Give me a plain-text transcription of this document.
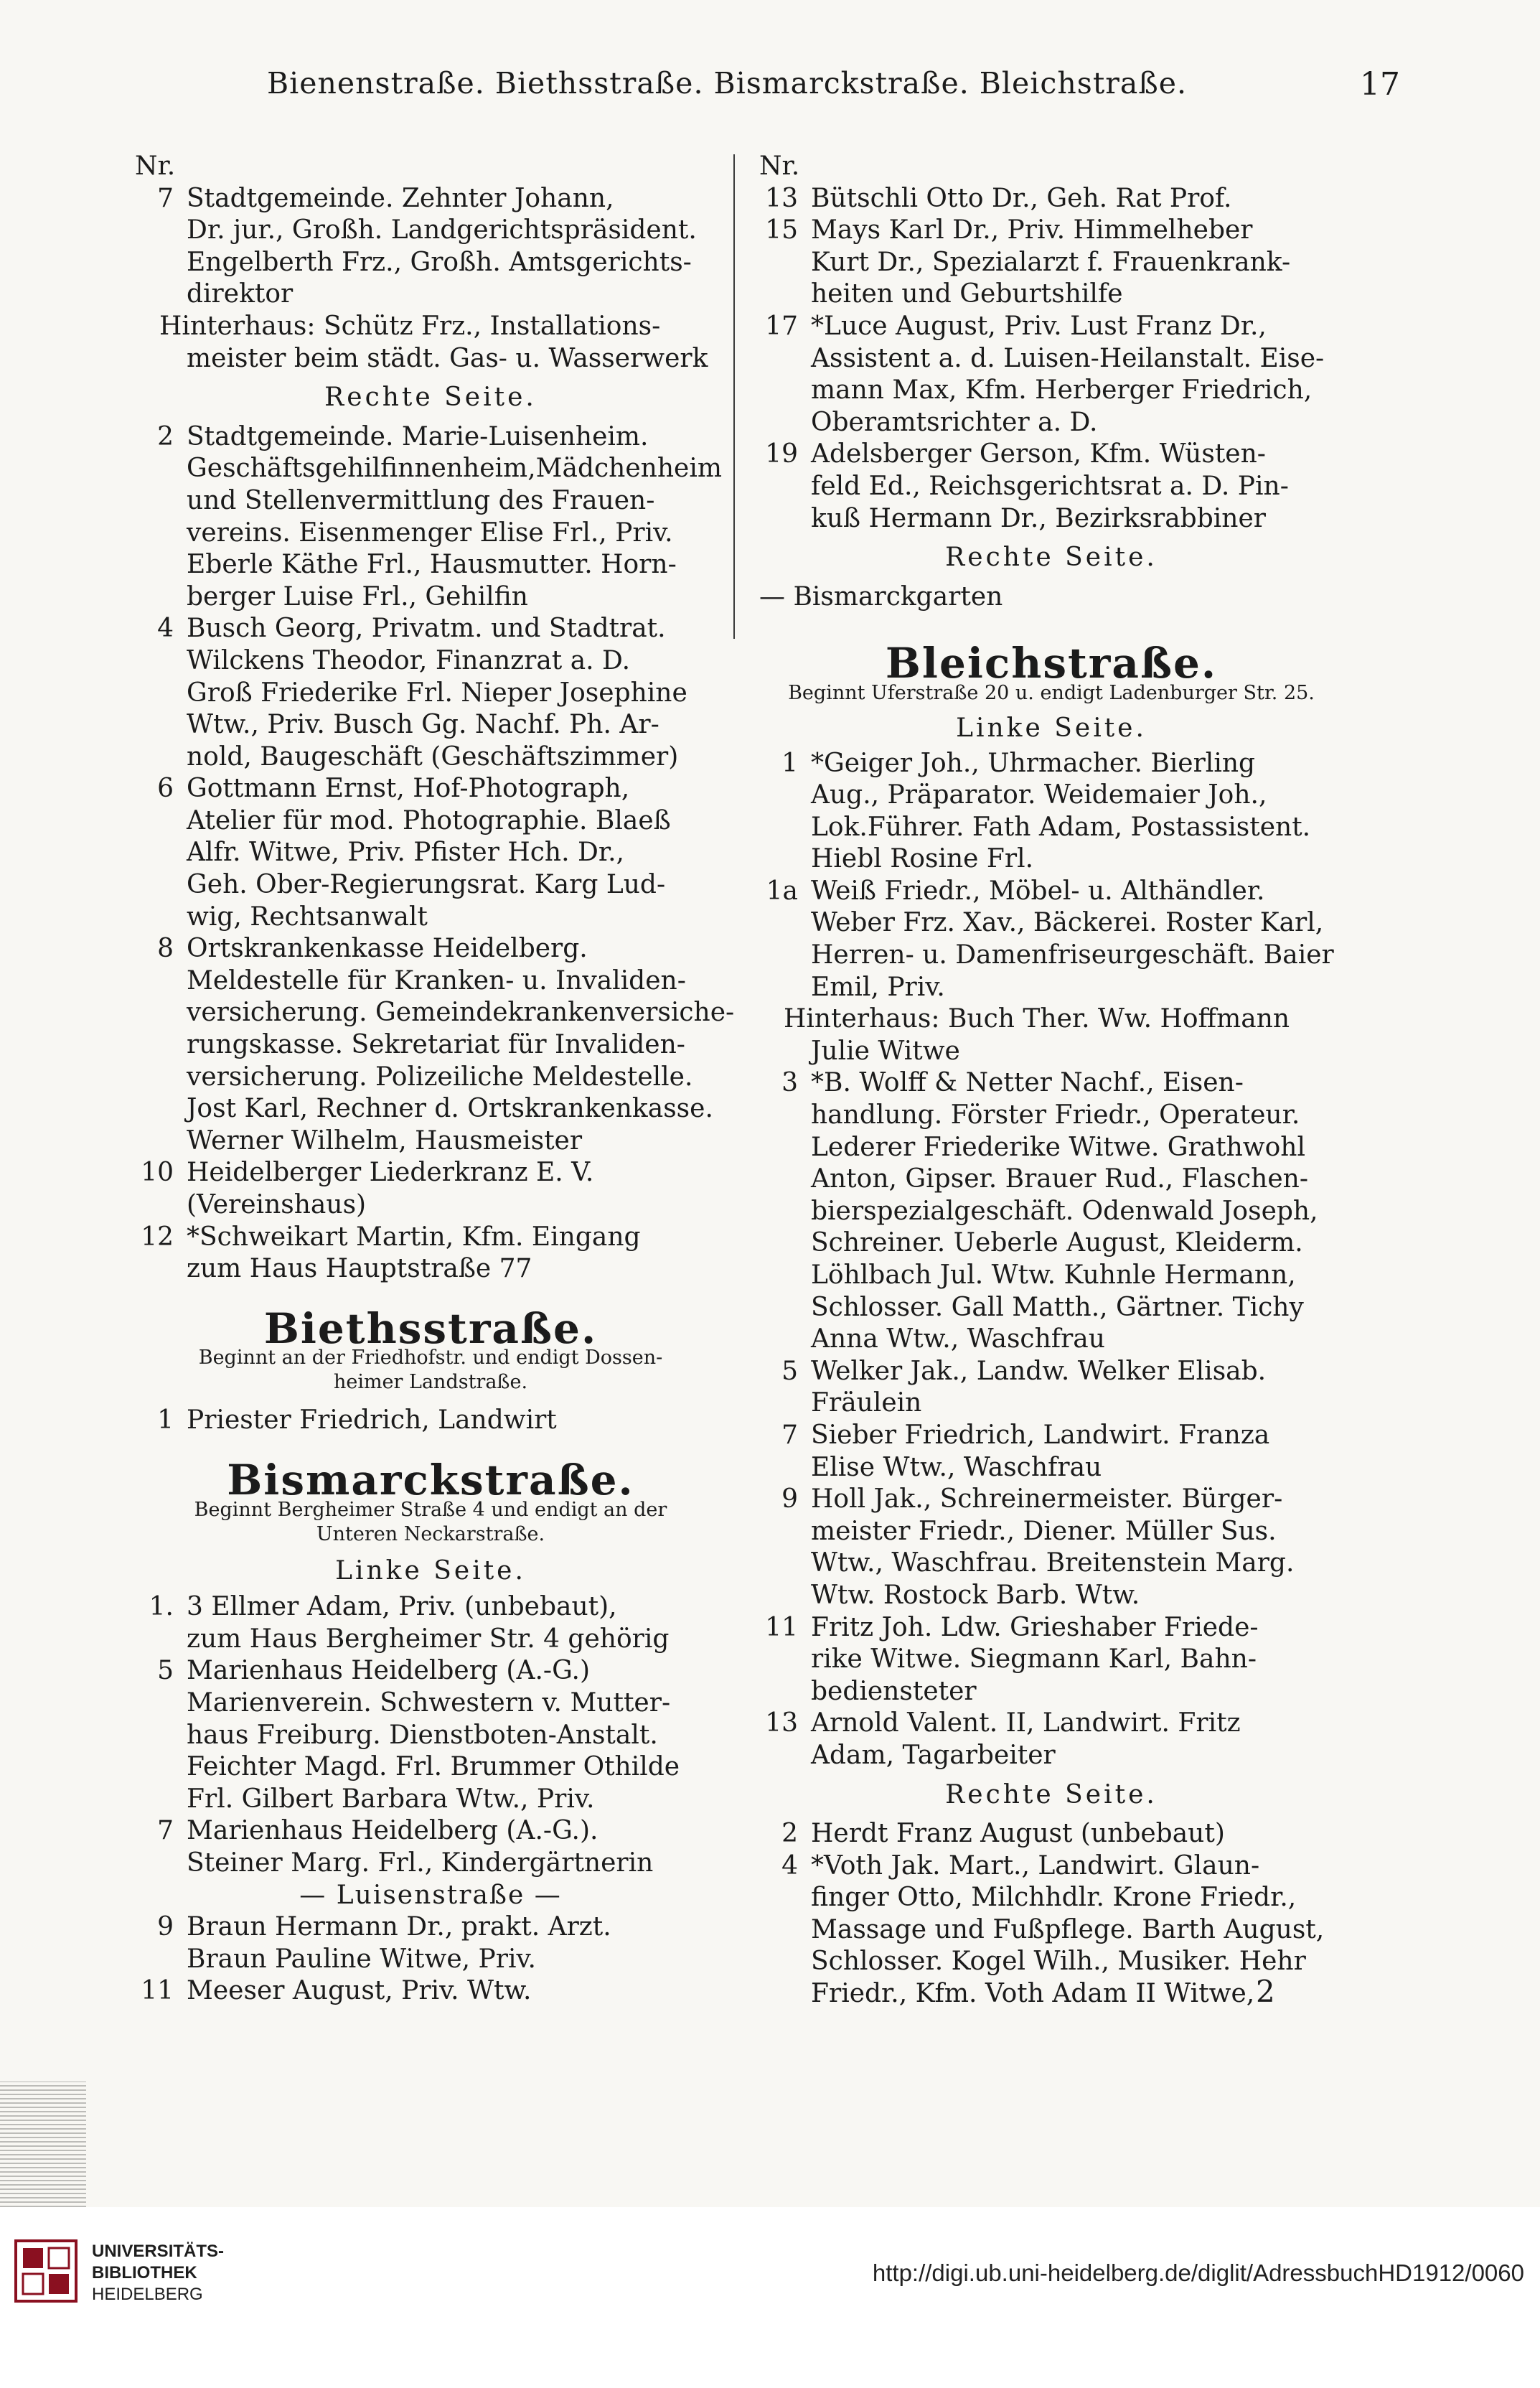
Bienenstraße. Biethsstraße. Bismarckstraße. Bleichstraße.	17
Nr.
7 Stadtgemeinde. Zehnter Johann,
Dr. jur., Großh. Landgerichtspräsident.
Engelberth Frz., Großh. Amtsgerichts-
direktor
Hinterhaus: Schütz Frz., Installations-
meister beim städt. Gas- u. Wasserwerk
Rechte Seite.
2 Stadtgemeinde. Marie-Luisenheim.
Geschäftsgehilfinnenheim,Mädchenheim
und Stellenvermittlung des Frauen-
vereins. Eisenmenger Elise Frl., Priv.
Eberle Käthe Frl., Hausmutter. Horn-
berger Luise Frl., Gehilfin
4 Busch Georg, Privatm. und Stadtrat.
Wilckens Theodor, Finanzrat a. D.
Groß Friederike Frl. Nieper Josephine
Wtw., Priv. Busch Gg. Nachf. Ph. Ar-
nold, Baugeschäft (Geschäftszimmer)
6 Gottmann Ernst, Hof-Photograph,
Atelier für mod. Photographie. Blaeß
Alfr. Witwe, Priv. Pfister Hch. Dr.,
Geh. Ober-Regierungsrat. Karg Lud-
wig, Rechtsanwalt
8 Ortskrankenkasse Heidelberg.
Meldestelle für Kranken- u. Invaliden-
versicherung. Gemeindekrankenversiche-
rungskasse. Sekretariat für Invaliden-
versicherung. Polizeiliche Meldestelle.
Jost Karl, Rechner d. Ortskrankenkasse.
Werner Wilhelm, Hausmeister
10 Heidelberger Liederkranz E. V.
(Vereinshaus)
12 *Schweikart Martin, Kfm. Eingang
zum Haus Hauptstraße 77
Biethsstraße.
Beginnt an der Friedhofstr. und endigt Dossen-
heimer Landstraße.
1 Priester Friedrich, Landwirt
Bismarckstraße.
Beginnt Bergheimer Straße 4 und endigt an der
Unteren Neckarstraße.
Linke Seite.
1. 3 Ellmer Adam, Priv. (unbebaut),
zum Haus Bergheimer Str. 4 gehörig
5 Marienhaus Heidelberg (A.-G.)
Marienverein. Schwestern v. Mutter-
haus Freiburg. Dienstboten-Anstalt.
Feichter Magd. Frl. Brummer Othilde
Frl. Gilbert Barbara Wtw., Priv.
7 Marienhaus Heidelberg (A.-G.).
Steiner Marg. Frl., Kindergärtnerin
— Luisenstraße —
9 Braun Hermann Dr., prakt. Arzt.
Braun Pauline Witwe, Priv.
11 Meeser August, Priv. Wtw.
Nr.
13 Bütschli Otto Dr., Geh. Rat Prof.
15 Mays Karl Dr., Priv. Himmelheber
Kurt Dr., Spezialarzt f. Frauenkrank-
heiten und Geburtshilfe
17 *Luce August, Priv. Lust Franz Dr.,
Assistent a. d. Luisen-Heilanstalt. Eise-
mann Max, Kfm. Herberger Friedrich,
Oberamtsrichter a. D.
19 Adelsberger Gerson, Kfm. Wüsten-
feld Ed., Reichsgerichtsrat a. D. Pin-
kuß Hermann Dr., Bezirksrabbiner
Rechte Seite.
— Bismarckgarten
Bleichstraße.
Beginnt Uferstraße 20 u. endigt Ladenburger Str. 25.
Linke Seite.
1 *Geiger Joh., Uhrmacher. Bierling
Aug., Präparator. Weidemaier Joh.,
Lok.Führer. Fath Adam, Postassistent.
Hiebl Rosine Frl.
1a Weiß Friedr., Möbel- u. Althändler.
Weber Frz. Xav., Bäckerei. Roster Karl,
Herren- u. Damenfriseurgeschäft. Baier
Emil, Priv.
Hinterhaus: Buch Ther. Ww. Hoffmann
Julie Witwe
3 *B. Wolff & Netter Nachf., Eisen-
handlung. Förster Friedr., Operateur.
Lederer Friederike Witwe. Grathwohl
Anton, Gipser. Brauer Rud., Flaschen-
bierspezialgeschäft. Odenwald Joseph,
Schreiner. Ueberle August, Kleiderm.
Löhlbach Jul. Wtw. Kuhnle Hermann,
Schlosser. Gall Matth., Gärtner. Tichy
Anna Wtw., Waschfrau
5 Welker Jak., Landw. Welker Elisab.
Fräulein
7 Sieber Friedrich, Landwirt. Franza
Elise Wtw., Waschfrau
9 Holl Jak., Schreinermeister. Bürger-
meister Friedr., Diener. Müller Sus.
Wtw., Waschfrau. Breitenstein Marg.
Wtw. Rostock Barb. Wtw.
11 Fritz Joh. Ldw. Grieshaber Friede-
rike Witwe. Siegmann Karl, Bahn-
bediensteter
13 Arnold Valent. II, Landwirt. Fritz
Adam, Tagarbeiter
Rechte Seite.
2 Herdt Franz August (unbebaut)
4 *Voth Jak. Mart., Landwirt. Glaun-
finger Otto, Milchhdlr. Krone Friedr.,
Massage und Fußpflege. Barth August,
Schlosser. Kogel Wilh., Musiker. Hehr
Friedr., Kfm. Voth Adam II Witwe, 2
UNIVERSITÄTS-
BIBLIOTHEK
HEIDELBERG
http://digi.ub.uni-heidelberg.de/diglit/AdressbuchHD1912/0060
